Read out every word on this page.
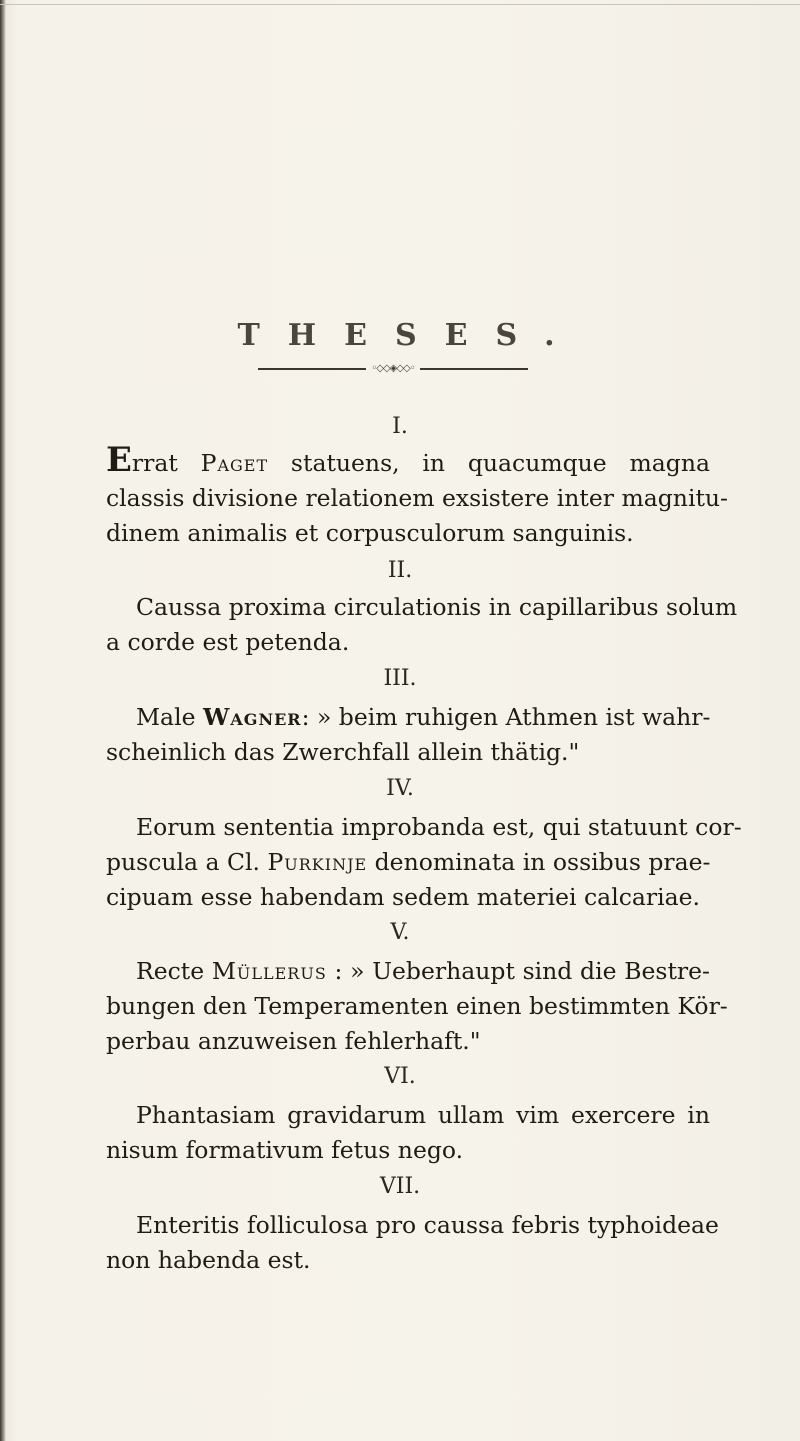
THESES.
◦◇◇◈◇◇◦
I.
Errat Paget statuens, in quacumque magna
classis divisione relationem exsistere inter magnitu-
dinem animalis et corpusculorum sanguinis.
II.
Caussa proxima circulationis in capillaribus solum
a corde est petenda.
III.
Male Wagner: » beim ruhigen Athmen ist wahr-
scheinlich das Zwerchfall allein thätig."
IV.
Eorum sententia improbanda est, qui statuunt cor-
puscula a Cl. Purkinje denominata in ossibus prae-
cipuam esse habendam sedem materiei calcariae.
V.
Recte Müllerus : » Ueberhaupt sind die Bestre-
bungen den Temperamenten einen bestimmten Kör-
perbau anzuweisen fehlerhaft."
VI.
Phantasiam gravidarum ullam vim exercere in
nisum formativum fetus nego.
VII.
Enteritis folliculosa pro caussa febris typhoideae
non habenda est.
